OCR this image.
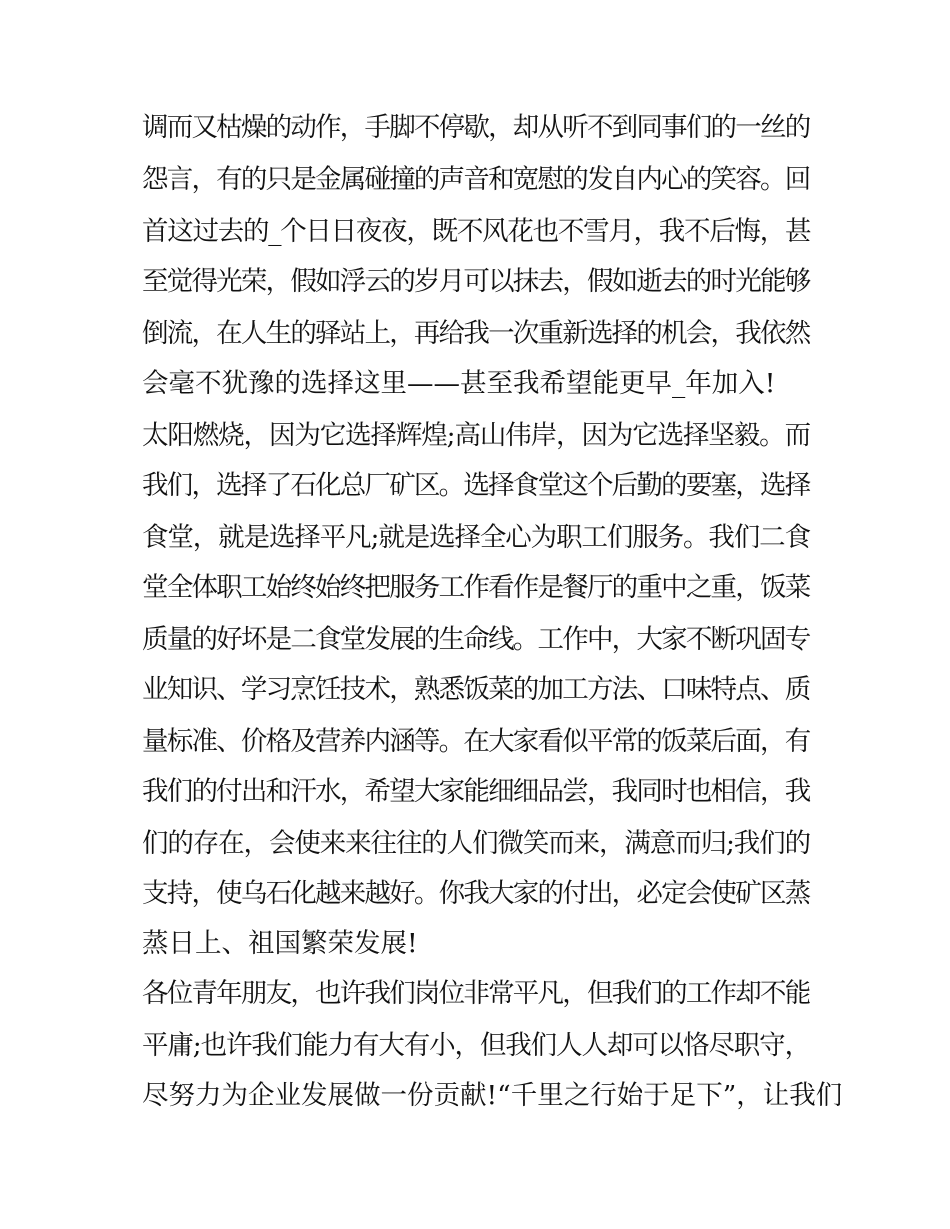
调而又枯燥的动作，手脚不停歇，却从听不到同事们的一丝的
怨言，有的只是金属碰撞的声音和宽慰的发自内心的笑容。回
首这过去的_个日日夜夜，既不风花也不雪月，我不后悔，甚
至觉得光荣，假如浮云的岁月可以抹去，假如逝去的时光能够
倒流，在人生的驿站上，再给我一次重新选择的机会，我依然
会毫不犹豫的选择这里——甚至我希望能更早_年加入!
太阳燃烧，因为它选择辉煌;高山伟岸，因为它选择坚毅。而
我们，选择了石化总厂矿区。选择食堂这个后勤的要塞，选择
食堂，就是选择平凡;就是选择全心为职工们服务。我们二食
堂全体职工始终始终把服务工作看作是餐厅的重中之重，饭菜
质量的好坏是二食堂发展的生命线。工作中，大家不断巩固专
业知识、学习烹饪技术，熟悉饭菜的加工方法、口味特点、质
量标准、价格及营养内涵等。在大家看似平常的饭菜后面，有
我们的付出和汗水，希望大家能细细品尝，我同时也相信，我
们的存在，会使来来往往的人们微笑而来，满意而归;我们的
支持，使乌石化越来越好。你我大家的付出，必定会使矿区蒸
蒸日上、祖国繁荣发展!
各位青年朋友，也许我们岗位非常平凡，但我们的工作却不能
平庸;也许我们能力有大有小，但我们人人却可以恪尽职守，
尽努力为企业发展做一份贡献!“千里之行始于足下”，让我们
